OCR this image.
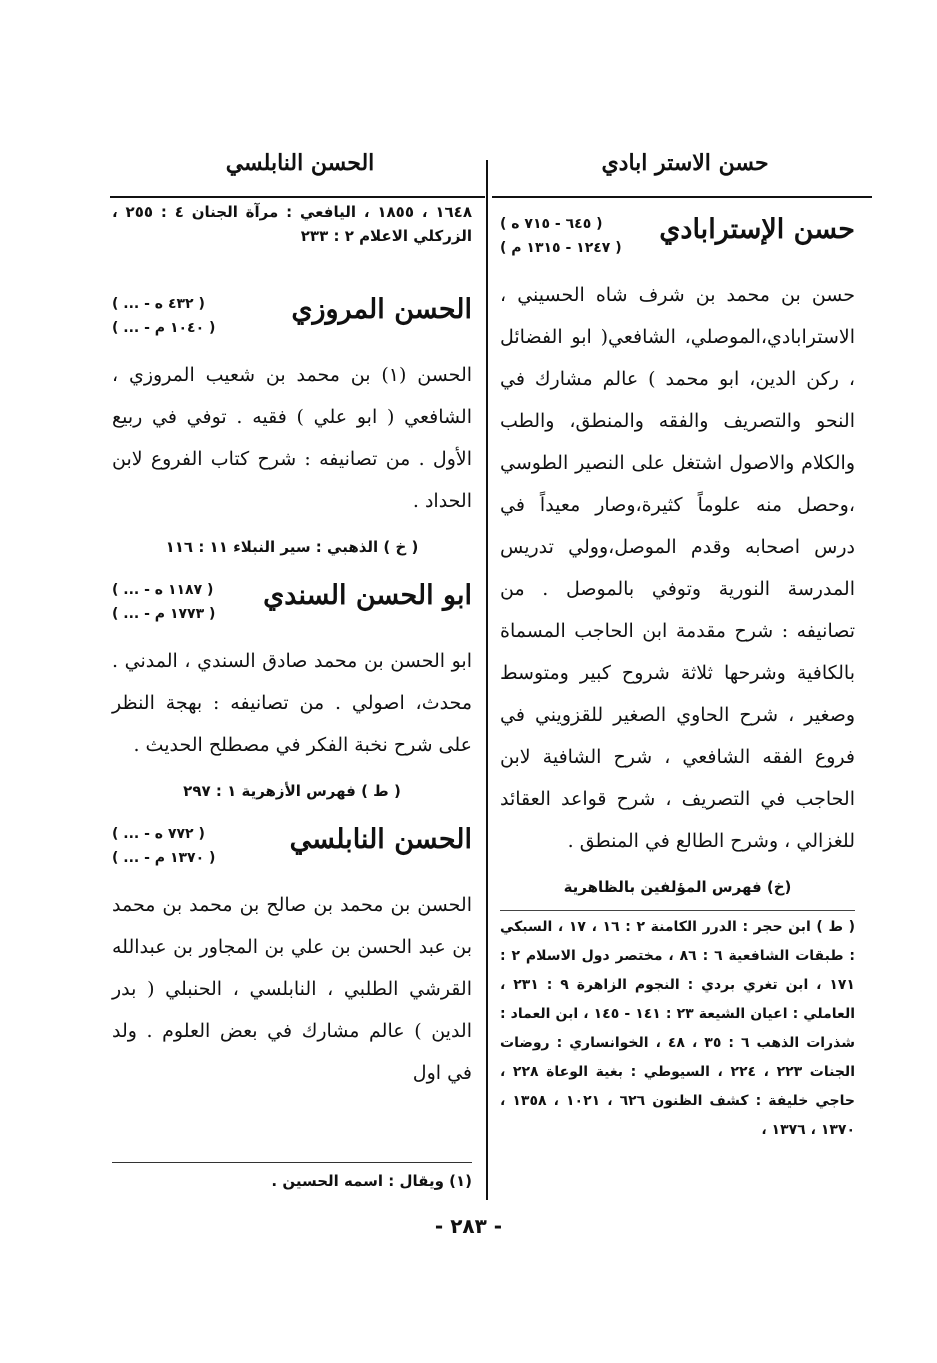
حسن الاستر ابادي
الحسن النابلسي
حسن الإسترابادي
( ٦٤٥ - ٧١٥ ه )
( ١٢٤٧ - ١٣١٥ م )

حسن بن محمد بن شرف شاه الحسيني ، الاسترابادي،الموصلي، الشافعي( ابو الفضائل ، ركن الدين، ابو محمد ) عالم مشارك في النحو والتصريف والفقه والمنطق، والطب والكلام والاصول اشتغل على النصير الطوسي ،وحصل منه علوماً كثيرة،وصار معيداً في درس اصحابه وقدم الموصل،وولي تدريس المدرسة النورية وتوفي بالموصل . من تصانيفه : شرح مقدمة ابن الحاجب المسماة بالكافية وشرحها ثلاثة شروح كبير ومتوسط وصغير ، شرح الحاوي الصغير للقزويني في فروع الفقه الشافعي ، شرح الشافية لابن الحاجب في التصريف ، شرح قواعد العقائد للغزالي ، وشرح الطالع في المنطق .

(خ) فهرس المؤلفين بالظاهرية

( ط ) ابن حجر : الدرر الكامنة ٢ : ١٦ ، ١٧ ، السبكي : طبقات الشافعية ٦ : ٨٦ ، مختصر دول الاسلام ٢ : ١٧١ ، ابن تغري بردي : النجوم الزاهرة ٩ : ٢٣١ ، العاملي : اعيان الشيعة ٢٣ : ١٤١ - ١٤٥ ، ابن العماد : شذرات الذهب ٦ : ٣٥ ، ٤٨ ، الخوانساري : روضات الجنات ٢٢٣ ، ٢٢٤ ، السيوطي : بغية الوعاة ٢٢٨ ، حاجي خليفة : كشف الظنون ٦٢٦ ، ١٠٢١ ، ١٣٥٨ ، ١٣٧٠ ، ١٣٧٦ ،

١٦٤٨ ، ١٨٥٥ ، اليافعي : مرآة الجنان ٤ : ٢٥٥ ، الزركلي الاعلام ٢ : ٢٣٣

الحسن المروزي
( ... - ٤٣٢ ه )
( ... - ١٠٤٠ م )

الحسن (١) بن محمد بن شعيب المروزي ، الشافعي ( ابو علي ) فقيه . توفي في ربيع الأول . من تصانيفه : شرح كتاب الفروع لابن الحداد .

( خ ) الذهبي : سير النبلاء ١١ : ١١٦
ابو الحسن السندي
( ... - ١١٨٧ ه )
( ... - ١٧٧٣ م )

ابو الحسن بن محمد صادق السندي ، المدني . محدث، اصولي . من تصانيفه : بهجة النظر على شرح نخبة الفكر في مصطلح الحديث .

( ط ) فهرس الأزهرية ١ : ٢٩٧
الحسن النابلسي
( ... - ٧٧٢ ه )
( ... - ١٣٧٠ م )

الحسن بن محمد بن صالح بن محمد بن محمد بن عبد الحسن بن علي بن المجاور بن عبدالله القرشي الطلبي ، النابلسي ، الحنبلي ( بدر الدين ) عالم مشارك في بعض العلوم . ولد في اول

(١) ويقال : اسمه الحسين .
- ٢٨٣ -
